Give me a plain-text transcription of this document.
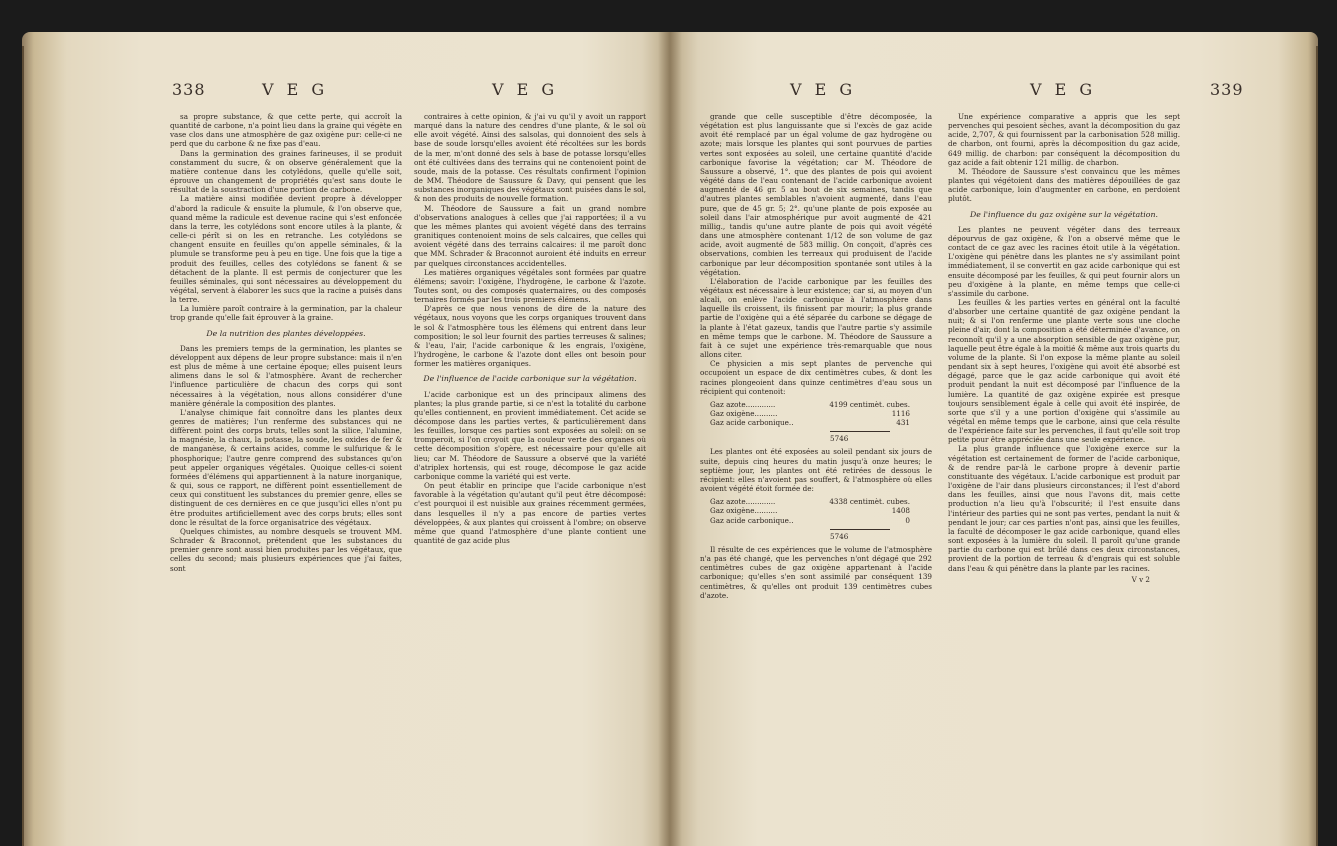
338	V E G	V E G

sa propre substance, & que cette perte, qui accroît la quantité de carbone, n'a point lieu dans la graine qui végète en vase clos dans une atmosphère de gaz oxigène pur: celle-ci ne perd que du carbone & ne fixe pas d'eau.

Dans la germination des graines farineuses, il se produit constamment du sucre, & on observe généralement que la matière contenue dans les cotylédons, quelle qu'elle soit, éprouve un changement de propriétés qu'est sans doute le résultat de la soustraction d'une portion de carbone.

La matière ainsi modifiée devient propre à développer d'abord la radicule & ensuite la plumule, & l'on observe que, quand même la radicule est devenue racine qui s'est enfoncée dans la terre, les cotylédons sont encore utiles à la plante, & celle-ci pérît si on les en retranche. Les cotylédons se changent ensuite en feuilles qu'on appelle séminales, & la plumule se transforme peu à peu en tige. Une fois que la tige a produit des feuilles, celles des cotylédons se fanent & se détachent de la plante. Il est permis de conjecturer que les feuilles séminales, qui sont nécessaires au développement du végétal, servent à élaborer les sucs que la racine a puisés dans la terre.

La lumière paroît contraire à la germination, par la chaleur trop grande qu'elle fait éprouver à la graine.

De la nutrition des plantes développées.

Dans les premiers temps de la germination, les plantes se développent aux dépens de leur propre substance: mais il n'en est plus de même à une certaine époque; elles puisent leurs alimens dans le sol & l'atmosphère. Avant de rechercher l'influence particulière de chacun des corps qui sont nécessaires à la végétation, nous allons considérer d'une manière générale la composition des plantes.

L'analyse chimique fait connoître dans les plantes deux genres de matières; l'un renferme des substances qui ne diffèrent point des corps bruts, telles sont la silice, l'alumine, la magnésie, la chaux, la potasse, la soude, les oxides de fer & de manganèse, & certains acides, comme le sulfurique & le phosphorique; l'autre genre comprend des substances qu'on peut appeler organiques végétales. Quoique celles-ci soient formées d'élémens qui appartiennent à la nature inorganique, & qui, sous ce rapport, ne diffèrent point essentiellement de ceux qui constituent les substances du premier genre, elles se distinguent de ces dernières en ce que jusqu'ici elles n'ont pu être produites artificiellement avec des corps bruts; elles sont donc le résultat de la force organisatrice des végétaux.

Quelques chimistes, au nombre desquels se trouvent MM. Schrader & Braconnot, prétendent que les substances du premier genre sont aussi bien produites par les végétaux, que celles du second; mais plusieurs expériences que j'ai faites, sont

contraires à cette opinion, & j'ai vu qu'il y avoit un rapport marqué dans la nature des cendres d'une plante, & le sol où elle avoit végété. Ainsi des salsolas, qui donnoient des sels à base de soude lorsqu'elles avoient été récoltées sur les bords de la mer, m'ont donné des sels à base de potasse lorsqu'elles ont été cultivées dans des terrains qui ne contenoient point de soude, mais de la potasse. Ces résultats confirment l'opinion de MM. Théodore de Saussure & Davy, qui pensent que les substances inorganiques des végétaux sont puisées dans le sol, & non des produits de nouvelle formation.

M. Théodore de Saussure a fait un grand nombre d'observations analogues à celles que j'ai rapportées; il a vu que les mêmes plantes qui avoient végété dans des terrains granitiques contenoient moins de sels calcaires, que celles qui avoient végété dans des terrains calcaires: il me paroît donc que MM. Schrader & Braconnot auroient été induits en erreur par quelques circonstances accidentelles.

Les matières organiques végétales sont formées par quatre élémens; savoir: l'oxigène, l'hydrogène, le carbone & l'azote. Toutes sont, ou des composés quaternaires, ou des composés ternaires formés par les trois premiers élémens.

D'après ce que nous venons de dire de la nature des végétaux, nous voyons que les corps organiques trouvent dans le sol & l'atmosphère tous les élémens qui entrent dans leur composition; le sol leur fournit des parties terreuses & salines; & l'eau, l'air, l'acide carbonique & les engrais, l'oxigène, l'hydrogène, le carbone & l'azote dont elles ont besoin pour former les matières organiques.

De l'influence de l'acide carbonique sur la végétation.

L'acide carbonique est un des principaux alimens des plantes; la plus grande partie, si ce n'est la totalité du carbone qu'elles contiennent, en provient immédiatement. Cet acide se décompose dans les parties vertes, & particulièrement dans les feuilles, lorsque ces parties sont exposées au soleil: on se tromperoit, si l'on croyoit que la couleur verte des organes où cette décomposition s'opère, est nécessaire pour qu'elle ait lieu; car M. Théodore de Saussure a observé que la variété d'atriplex hortensis, qui est rouge, décompose le gaz acide carbonique comme la variété qui est verte.

On peut établir en principe que l'acide carbonique n'est favorable à la végétation qu'autant qu'il peut être décomposé: c'est pourquoi il est nuisible aux graines récemment germées, dans lesquelles il n'y a pas encore de parties vertes développées, & aux plantes qui croissent à l'ombre; on observe même que quand l'atmosphère d'une plante contient une quantité de gaz acide plus

V E G	V E G	339

grande que celle susceptible d'être décomposée, la végétation est plus languissante que si l'excès de gaz acide avoit été remplacé par un égal volume de gaz hydrogène ou azote; mais lorsque les plantes qui sont pourvues de parties vertes sont exposées au soleil, une certaine quantité d'acide carbonique favorise la végétation; car M. Théodore de Saussure a observé, 1°. que des plantes de pois qui avoient végété dans de l'eau contenant de l'acide carbonique avoient augmenté de 46 gr. 5 au bout de six semaines, tandis que d'autres plantes semblables n'avoient augmenté, dans l'eau pure, que de 45 gr. 5; 2°. qu'une plante de pois exposée au soleil dans l'air atmosphérique pur avoit augmenté de 421 millig., tandis qu'une autre plante de pois qui avoit végété dans une atmosphère contenant 1/12 de son volume de gaz acide, avoit augmenté de 583 millig. On conçoit, d'après ces observations, combien les terreaux qui produisent de l'acide carbonique par leur décomposition spontanée sont utiles à la végétation.

L'élaboration de l'acide carbonique par les feuilles des végétaux est nécessaire à leur existence; car si, au moyen d'un alcali, on enlève l'acide carbonique à l'atmosphère dans laquelle ils croissent, ils finissent par mourir; la plus grande partie de l'oxigène qui a été séparée du carbone se dégage de la plante à l'état gazeux, tandis que l'autre partie s'y assimile en même temps que le carbone. M. Théodore de Saussure a fait à ce sujet une expérience très-remarquable que nous allons citer.

Ce physicien a mis sept plantes de pervenche qui occupoient un espace de dix centimètres cubes, & dont les racines plongeoient dans quinze centimètres d'eau sous un récipient qui contenoit:

Gaz azote.............	4199 centimèt. cubes.
Gaz oxigène..........	1116
Gaz acide carbonique..	431
5746

Les plantes ont été exposées au soleil pendant six jours de suite, depuis cinq heures du matin jusqu'à onze heures; le septième jour, les plantes ont été retirées de dessous le récipient: elles n'avoient pas souffert, & l'atmosphère où elles avoient végété étoit formée de:

Gaz azote.............	4338 centimèt. cubes.
Gaz oxigène..........	1408
Gaz acide carbonique..	0
5746

Il résulte de ces expériences que le volume de l'atmosphère n'a pas été changé, que les pervenches n'ont dégagé que 292 centimètres cubes de gaz oxigène appartenant à l'acide carbonique; qu'elles s'en sont assimilé par conséquent 139 centimètres, & qu'elles ont produit 139 centimètres cubes d'azote.

Une expérience comparative a appris que les sept pervenches qui pesoient sèches, avant la décomposition du gaz acide, 2,707, & qui fournissent par la carbonisation 528 millig. de charbon, ont fourni, après la décomposition du gaz acide, 649 millig. de charbon: par conséquent la décomposition du gaz acide a fait obtenir 121 millig. de charbon.

M. Théodore de Saussure s'est convaincu que les mêmes plantes qui végétoient dans des matières dépouillées de gaz acide carbonique, loin d'augmenter en carbone, en perdoient plutôt.

De l'influence du gaz oxigène sur la végétation.

Les plantes ne peuvent végéter dans des terreaux dépourvus de gaz oxigène, & l'on a observé même que le contact de ce gaz avec les racines étoit utile à la végétation. L'oxigène qui pénètre dans les plantes ne s'y assimilant point immédiatement, il se convertit en gaz acide carbonique qui est ensuite décomposé par les feuilles, & qui peut fournir alors un peu d'oxigène à la plante, en même temps que celle-ci s'assimile du carbone.

Les feuilles & les parties vertes en général ont la faculté d'absorber une certaine quantité de gaz oxigène pendant la nuit; & si l'on renferme une plante verte sous une cloche pleine d'air, dont la composition a été déterminée d'avance, on reconnoît qu'il y a une absorption sensible de gaz oxigène pur, laquelle peut être égale à la moitié & même aux trois quarts du volume de la plante. Si l'on expose la même plante au soleil pendant six à sept heures, l'oxigène qui avoit été absorbé est dégagé, parce que le gaz acide carbonique qui avoit été produit pendant la nuit est décomposé par l'influence de la lumière. La quantité de gaz oxigène expirée est presque toujours sensiblement égale à celle qui avoit été inspirée, de sorte que s'il y a une portion d'oxigène qui s'assimile au végétal en même temps que le carbone, ainsi que cela résulte de l'expérience faite sur les pervenches, il faut qu'elle soit trop petite pour être appréciée dans une seule expérience.

La plus grande influence que l'oxigène exerce sur la végétation est certainement de former de l'acide carbonique, & de rendre par-là le carbone propre à devenir partie constituante des végétaux. L'acide carbonique est produit par l'oxigène de l'air dans plusieurs circonstances; il l'est d'abord dans les feuilles, ainsi que nous l'avons dit, mais cette production n'a lieu qu'à l'obscurité; il l'est ensuite dans l'intérieur des parties qui ne sont pas vertes, pendant la nuit & pendant le jour; car ces parties n'ont pas, ainsi que les feuilles, la faculté de décomposer le gaz acide carbonique, quand elles sont exposées à la lumière du soleil. Il paroît qu'une grande partie du carbone qui est brûlé dans ces deux circonstances, provient de la portion de terreau & d'engrais qui est soluble dans l'eau & qui pénètre dans la plante par les racines.

V v 2
